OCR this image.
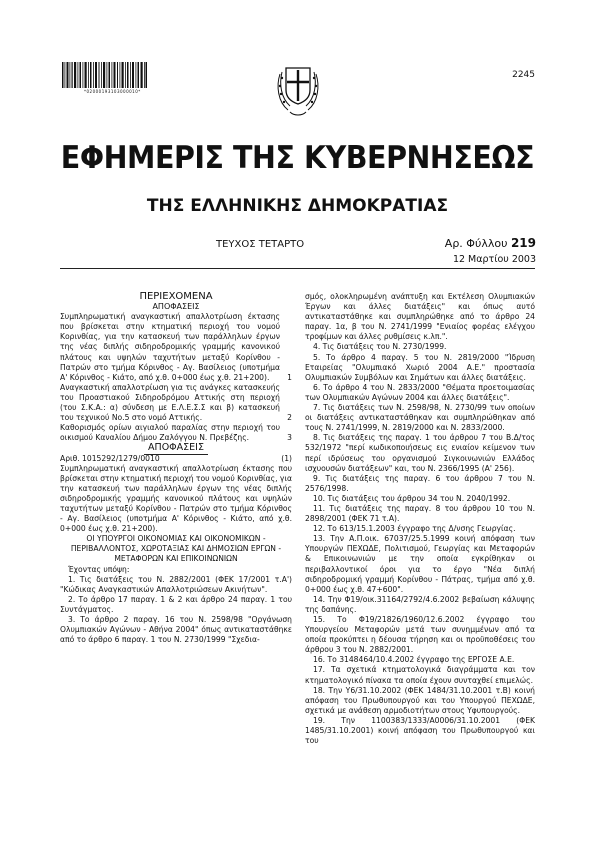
*02000193103000010*
2245
ΕΦΗΜΕΡΙΣ ΤΗΣ ΚΥΒΕΡΝΗΣΕΩΣ
ΤΗΣ ΕΛΛΗΝΙΚΗΣ ΔΗΜΟΚΡΑΤΙΑΣ
ΤΕΥΧΟΣ ΤΕΤΑΡΤΟ	Αρ. Φύλλου 219
12 Μαρτίου 2003

ΠΕΡΙΕΧΟΜΕΝΑ

ΑΠΟΦΑΣΕΙΣ

Συμπληρωματική αναγκαστική απαλλοτρίωση έκτασης που βρίσκεται στην κτηματική περιοχή του νομού Κορινθίας, για την κατασκευή των παράλληλων έργων της νέας διπλής σιδηροδρομικής γραμμής κανονικού πλάτους και υψηλών ταχυτήτων μεταξύ Κορίνθου - Πατρών στο τμήμα Κόρινθος - Αγ. Βασίλειος (υποτμήμα Α' Κόρινθος - Κιάτο, από χ.θ. 0+000 έως χ.θ. 21+200). 1

Αναγκαστική απαλλοτρίωση για τις ανάγκες κατασκευής του Προαστιακού Σιδηροδρόμου Αττικής στη περιοχή (του Σ.Κ.Α.: α) σύνδεση με Ε.Λ.Ε.Σ.Σ και β) κατασκευή του τεχνικού Νο.5 στο νομό Αττικής.	2

Καθορισμός ορίων αιγιαλού παραλίας στην περιοχή του οικισμού Καναλίου Δήμου Ζαλόγγου Ν. Πρεβέζης.	3

ΑΠΟΦΑΣΕΙΣ

Αριθ. 1015292/1279/0010	(1)

Συμπληρωματική αναγκαστική απαλλοτρίωση έκτασης που βρίσκεται στην κτηματική περιοχή του νομού Κορινθίας, για την κατασκευή των παράλληλων έργων της νέας διπλής σιδηροδρομικής γραμμής κανονικού πλάτους και υψηλών ταχυτήτων μεταξύ Κορίνθου - Πατρών στο τμήμα Κόρινθος - Αγ. Βασίλειος (υποτμήμα Α' Κόρινθος - Κιάτο, από χ.θ. 0+000 έως χ.θ. 21+200).

ΟΙ ΥΠΟΥΡΓΟΙ ΟΙΚΟΝΟΜΙΑΣ ΚΑΙ ΟΙΚΟΝΟΜΙΚΩΝ - ΠΕΡΙΒΑΛΛΟΝΤΟΣ, ΧΩΡΟΤΑΞΙΑΣ ΚΑΙ ΔΗΜΟΣΙΩΝ ΕΡΓΩΝ - ΜΕΤΑΦΟΡΩΝ ΚΑΙ ΕΠΙΚΟΙΝΩΝΙΩΝ

Έχοντας υπόψη:

1. Τις διατάξεις του Ν. 2882/2001 (ΦΕΚ 17/2001 τ.Α') "Κώδικας Αναγκαστικών Απαλλοτριώσεων Ακινήτων".

2. Το άρθρο 17 παραγ. 1 & 2 και άρθρο 24 παραγ. 1 του Συντάγματος.

3. Το άρθρο 2 παραγ. 16 του Ν. 2598/98 "Οργάνωση Ολυμπιακών Αγώνων - Αθήνα 2004" όπως αντικαταστάθηκε από το άρθρο 6 παραγ. 1 του Ν. 2730/1999 "Σχεδια-

σμός, ολοκληρωμένη ανάπτυξη και Εκτέλεση Ολυμπιακών Έργων και άλλες διατάξεις" και όπως αυτό αντικαταστάθηκε και συμπληρώθηκε από το άρθρο 24 παραγ. 1α, β του Ν. 2741/1999 "Ενιαίος φορέας ελέγχου τροφίμων και άλλες ρυθμίσεις κ.λπ.".

4. Τις διατάξεις του Ν. 2730/1999.

5. Το άρθρο 4 παραγ. 5 του Ν. 2819/2000 "Ίδρυση Εταιρείας "Ολυμπιακό Χωριό 2004 Α.Ε." προστασία Ολυμπιακών Συμβόλων και Σημάτων και άλλες διατάξεις.

6. Το άρθρο 4 του Ν. 2833/2000 "Θέματα προετοιμασίας των Ολυμπιακών Αγώνων 2004 και άλλες διατάξεις".

7. Τις διατάξεις των Ν. 2598/98, Ν. 2730/99 των οποίων οι διατάξεις αντικαταστάθηκαν και συμπληρώθηκαν από τους Ν. 2741/1999, Ν. 2819/2000 και Ν. 2833/2000.

8. Τις διατάξεις της παραγ. 1 του άρθρου 7 του Β.Δ/τος 532/1972 "περί κωδικοποιήσεως εις ενιαίον κείμενον των περί ιδρύσεως του οργανισμού Σιγκοινωνιών Ελλάδος ισχυουσών διατάξεων" και, του Ν. 2366/1995 (Α' 256).

9. Τις διατάξεις της παραγ. 6 του άρθρου 7 του Ν. 2576/1998.

10. Τις διατάξεις του άρθρου 34 του Ν. 2040/1992.

11. Τις διατάξεις της παραγ. 8 του άρθρου 10 του Ν. 2898/2001 (ΦΕΚ 71 τ.Α).

12. Το 613/15.1.2003 έγγραφο της Δ/νσης Γεωργίας.

13. Την Α.Π.οικ. 67037/25.5.1999 κοινή απόφαση των Υπουργών ΠΕΧΩΔΕ, Πολιτισμού, Γεωργίας και Μεταφορών & Επικοινωνιών με την οποία εγκρίθηκαν οι περιβαλλοντικοί όροι για το έργο "Νέα διπλή σιδηροδρομική γραμμή Κορίνθου - Πάτρας, τμήμα από χ.θ. 0+000 έως χ.θ. 47+600".

14. Την Φ19/οικ.31164/2792/4.6.2002 βεβαίωση κάλυψης της δαπάνης.

15. Το Φ19/21826/1960/12.6.2002 έγγραφο του Υπουργείου Μεταφορών μετά των συνημμένων από τα οποία προκύπτει η δέουσα τήρηση και οι προϋποθέσεις του άρθρου 3 του Ν. 2882/2001.

16. Το 3148464/10.4.2002 έγγραφο της ΕΡΓΟΣΕ Α.Ε.

17. Τα σχετικά κτηματολογικά διαγράμματα και τον κτηματολογικό πίνακα τα οποία έχουν συνταχθεί επιμελώς.

18. Την Υ6/31.10.2002 (ΦΕΚ 1484/31.10.2001 τ.Β) κοινή απόφαση του Πρωθυπουργού και του Υπουργού ΠΕΧΩΔΕ, σχετικά με ανάθεση αρμοδιοτήτων στους Υφυπουργούς.

19. Την 1100383/1333/Α0006/31.10.2001 (ΦΕΚ 1485/31.10.2001) κοινή απόφαση του Πρωθυπουργού και του
